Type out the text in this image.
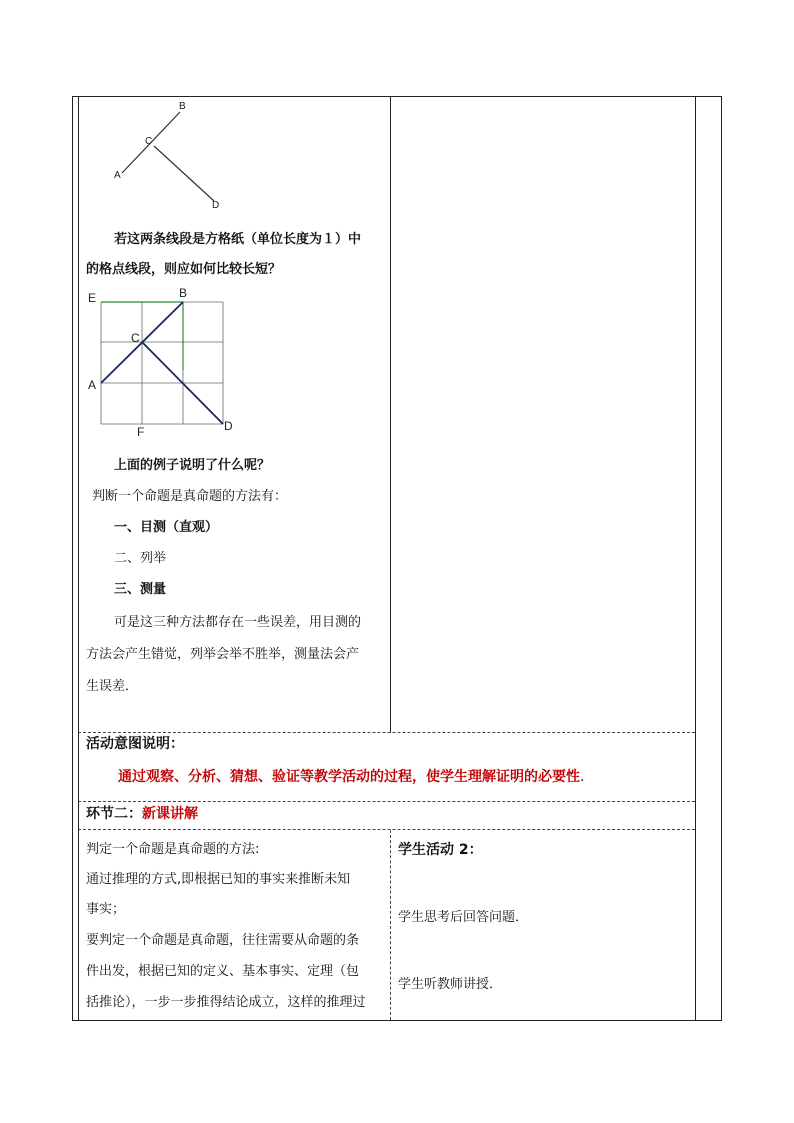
B
C
A
D
若这两条线段是方格纸（单位长度为１）中
的格点线段，则应如何比较长短？
E	B
C
A
F	D
上面的例子说明了什么呢？
判断一个命题是真命题的方法有：
一、目测（直观）
二、列举
三、测量
可是这三种方法都存在一些误差，用目测的
方法会产生错觉，列举会举不胜举，测量法会产
生误差．
活动意图说明：
通过观察、分析、猜想、验证等教学活动的过程，使学生理解证明的必要性.
环节二：新课讲解
判定一个命题是真命题的方法:
通过推理的方式,即根据已知的事实来推断未知
事实；
要判定一个命题是真命题，往往需要从命题的条
件出发，根据已知的定义、基本事实、定理（包
括推论），一步一步推得结论成立，这样的推理过
学生活动 2：
学生思考后回答问题．
学生听教师讲授．
